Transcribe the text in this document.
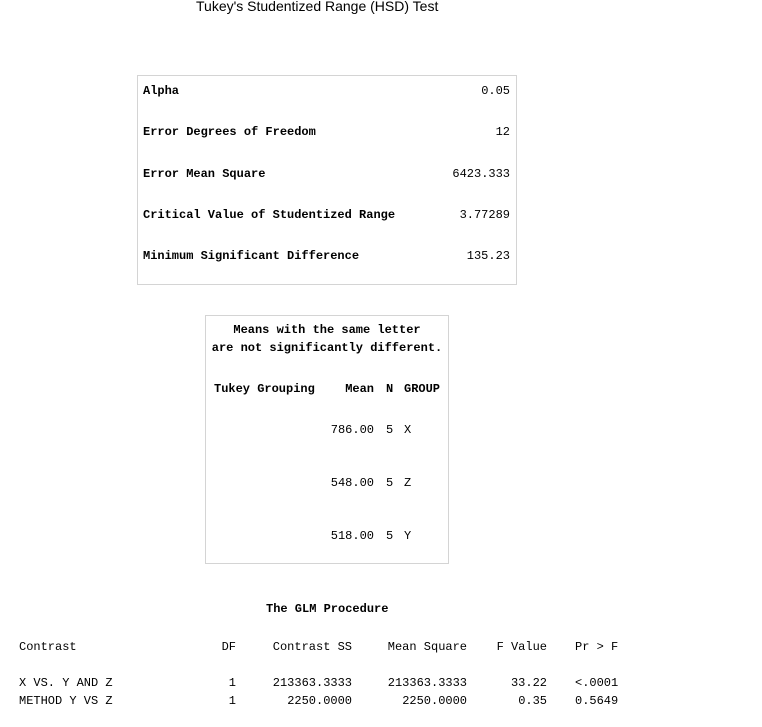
Tukey's Studentized Range (HSD) Test
Alpha	0.05
Error Degrees of Freedom	12
Error Mean Square	6423.333
Critical Value of Studentized Range	3.77289
Minimum Significant Difference	135.23
Means with the same letter
are not significantly different.
Tukey Grouping	Mean N GROUP
786.00 5 X
548.00 5 Z
518.00 5 Y
The GLM Procedure
Contrast	DF	Contrast SS	Mean Square	F Value Pr > F
X VS. Y AND Z	1	213363.3333	213363.3333	33.22 <.0001
METHOD Y VS Z	1	2250.0000	2250.0000	0.35 0.5649
